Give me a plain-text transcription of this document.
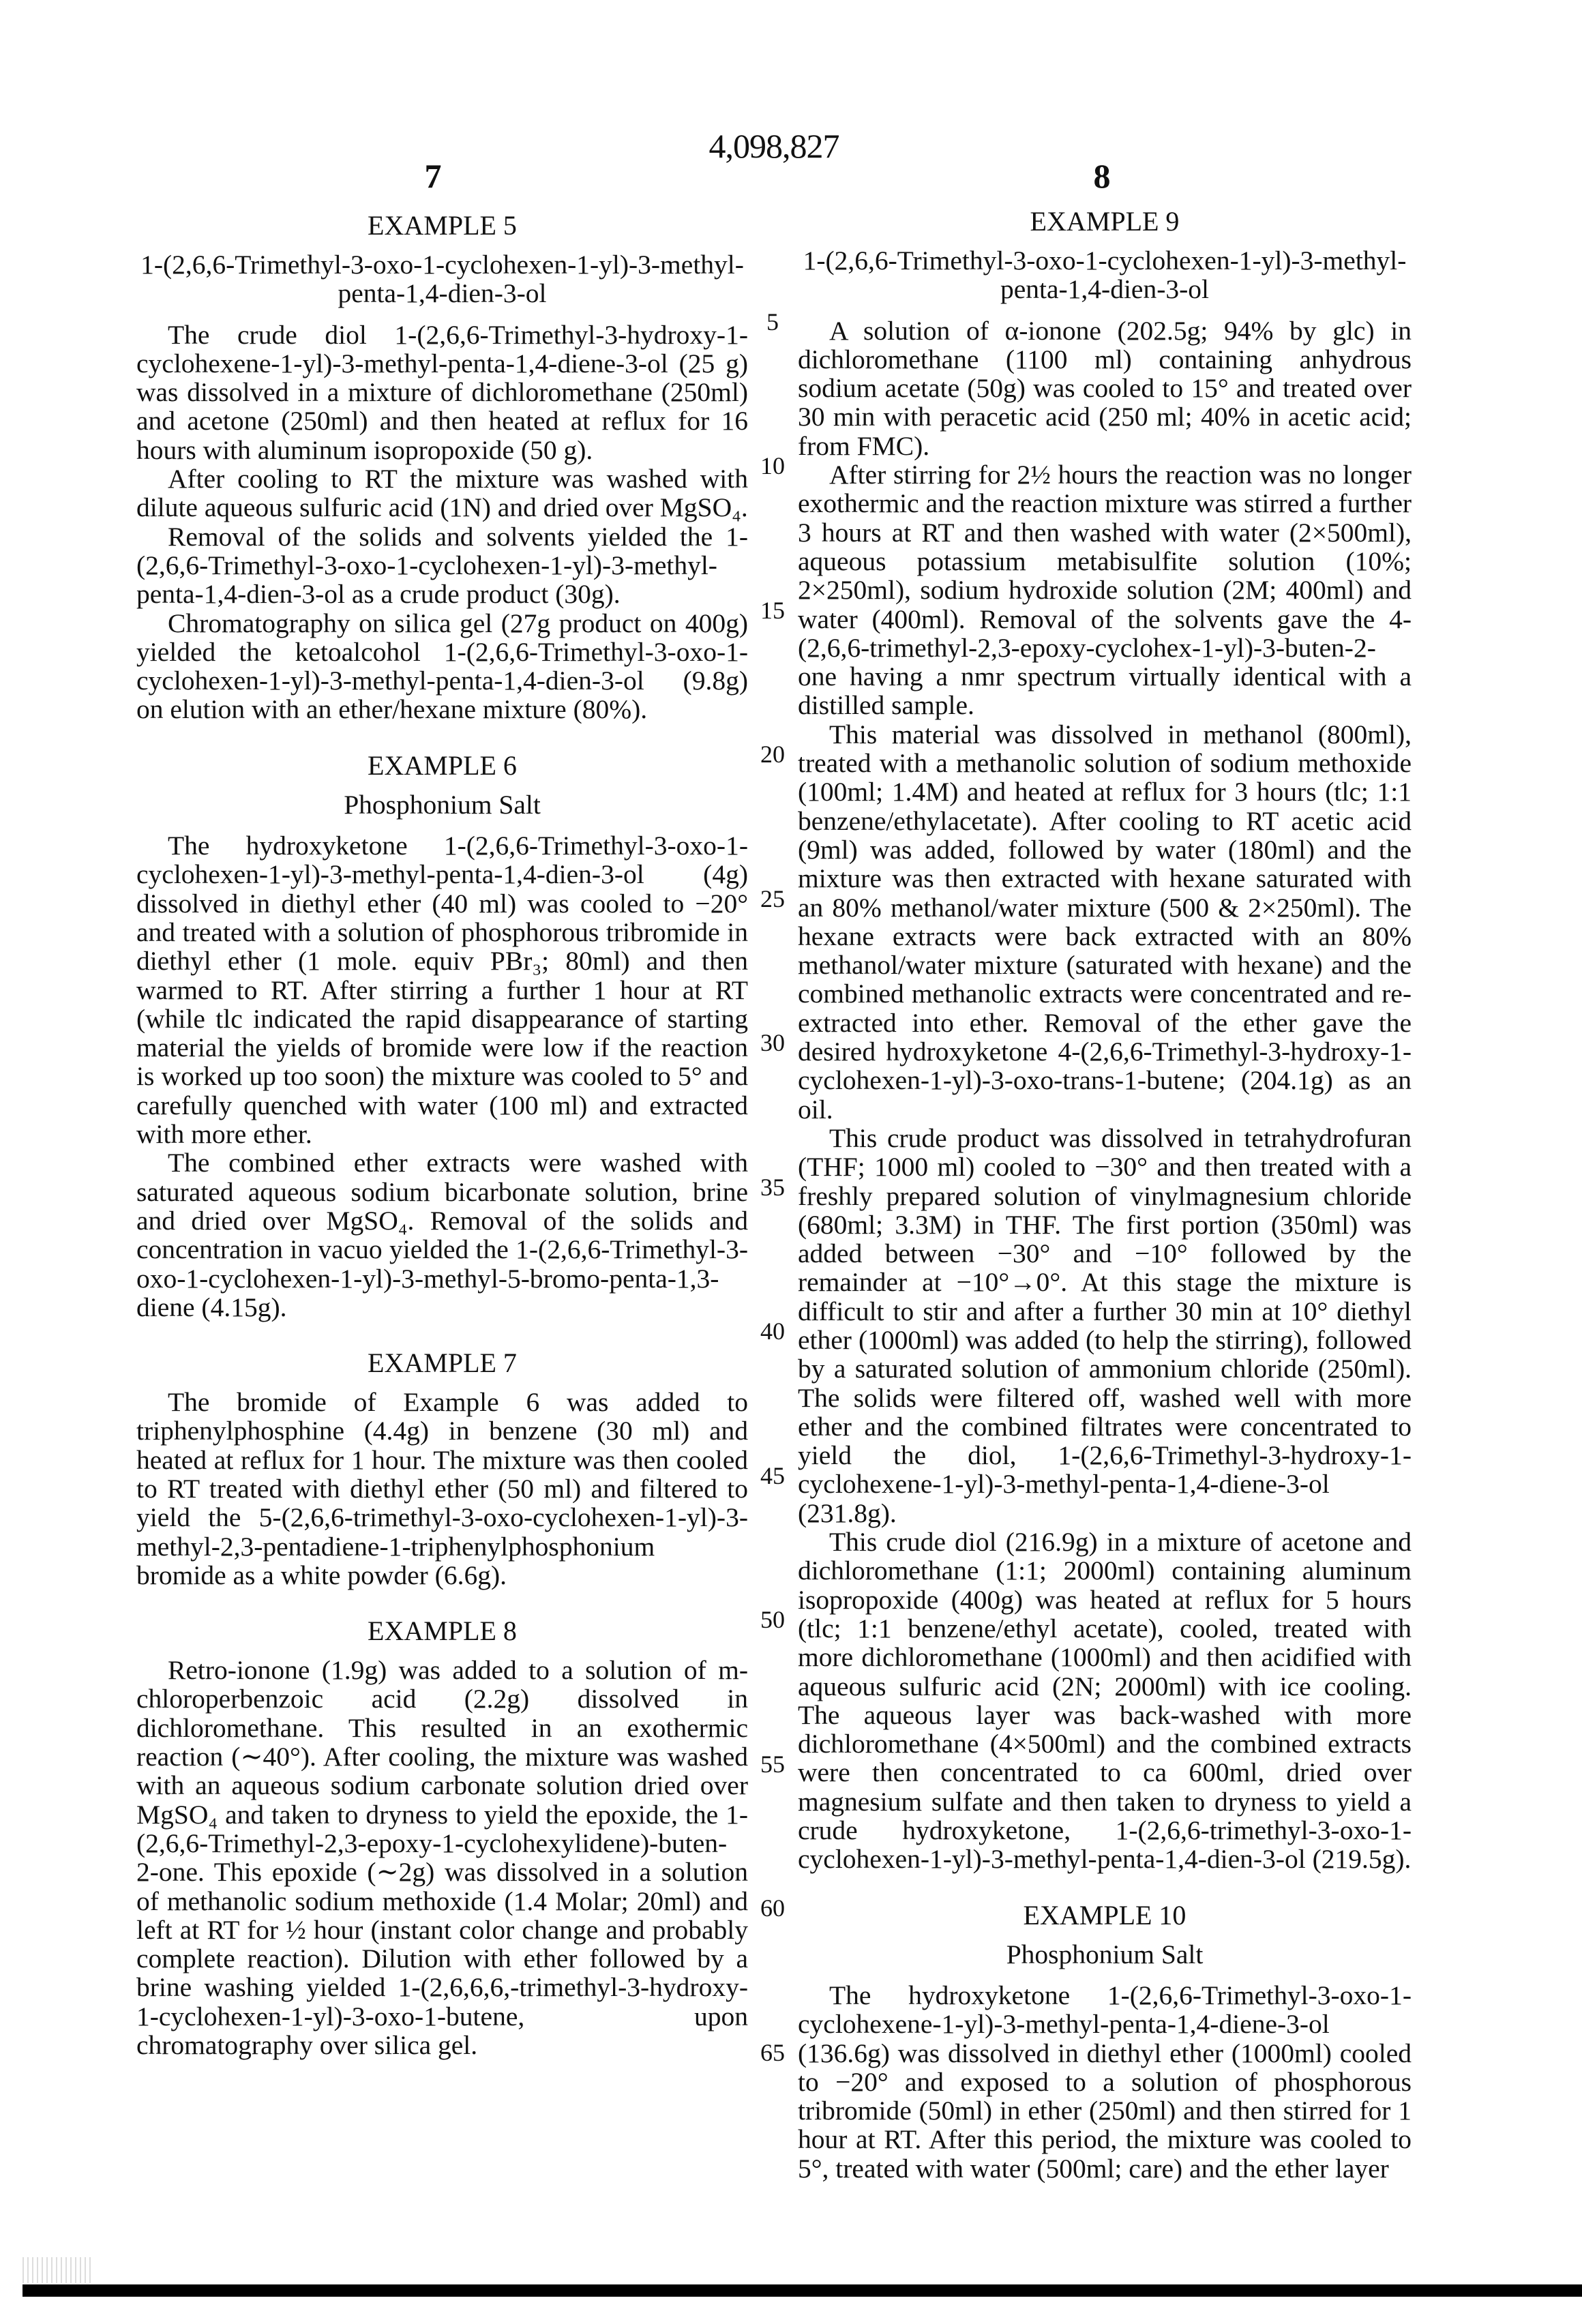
4,098,827
7	8
EXAMPLE 5
1-(2,6,6-Trimethyl-3-oxo-1-cyclohexen-1-yl)-3-methyl-
penta-1,4-dien-3-ol

The crude diol 1-(2,6,6-Trimethyl-3-hydroxy-1-cyclohexene-1-yl)-3-methyl-penta-1,4-diene-3-ol (25 g) was dissolved in a mixture of dichloromethane (250ml) and acetone (250ml) and then heated at reflux for 16 hours with aluminum isopropoxide (50 g).

After cooling to RT the mixture was washed with dilute aqueous sulfuric acid (1N) and dried over MgSO₄.

Removal of the solids and solvents yielded the 1-(2,6,6-Trimethyl-3-oxo-1-cyclohexen-1-yl)-3-methyl-penta-1,4-dien-3-ol as a crude product (30g).

Chromatography on silica gel (27g product on 400g) yielded the ketoalcohol 1-(2,6,6-Trimethyl-3-oxo-1-cyclohexen-1-yl)-3-methyl-penta-1,4-dien-3-ol (9.8g) on elution with an ether/hexane mixture (80%).

EXAMPLE 6
Phosphonium Salt

The hydroxyketone 1-(2,6,6-Trimethyl-3-oxo-1-cyclohexen-1-yl)-3-methyl-penta-1,4-dien-3-ol (4g) dissolved in diethyl ether (40 ml) was cooled to −20° and treated with a solution of phosphorous tribromide in diethyl ether (1 mole. equiv PBr₃; 80ml) and then warmed to RT. After stirring a further 1 hour at RT (while tlc indicated the rapid disappearance of starting material the yields of bromide were low if the reaction is worked up too soon) the mixture was cooled to 5° and carefully quenched with water (100 ml) and extracted with more ether.

The combined ether extracts were washed with saturated aqueous sodium bicarbonate solution, brine and dried over MgSO₄. Removal of the solids and concentration in vacuo yielded the 1-(2,6,6-Trimethyl-3-oxo-1-cyclohexen-1-yl)-3-methyl-5-bromo-penta-1,3-diene (4.15g).

EXAMPLE 7

The bromide of Example 6 was added to triphenylphosphine (4.4g) in benzene (30 ml) and heated at reflux for 1 hour. The mixture was then cooled to RT treated with diethyl ether (50 ml) and filtered to yield the 5-(2,6,6-trimethyl-3-oxo-cyclohexen-1-yl)-3-methyl-2,3-pentadiene-1-triphenylphosphonium bromide as a white powder (6.6g).

EXAMPLE 8

Retro-ionone (1.9g) was added to a solution of m-chloroperbenzoic acid (2.2g) dissolved in dichloromethane. This resulted in an exothermic reaction (∼40°). After cooling, the mixture was washed with an aqueous sodium carbonate solution dried over MgSO₄ and taken to dryness to yield the epoxide, the 1-(2,6,6-Trimethyl-2,3-epoxy-1-cyclohexylidene)-buten-2-one. This epoxide (∼2g) was dissolved in a solution of methanolic sodium methoxide (1.4 Molar; 20ml) and left at RT for ½ hour (instant color change and probably complete reaction). Dilution with ether followed by a brine washing yielded 1-(2,6,6,6,-trimethyl-3-hydroxy-1-cyclohexen-1-yl)-3-oxo-1-butene, upon chromatography over silica gel.

5
10
15
20
25
30
35
40
45
50
55
60
65
EXAMPLE 9
1-(2,6,6-Trimethyl-3-oxo-1-cyclohexen-1-yl)-3-methyl-
penta-1,4-dien-3-ol

A solution of α-ionone (202.5g; 94% by glc) in dichloromethane (1100 ml) containing anhydrous sodium acetate (50g) was cooled to 15° and treated over 30 min with peracetic acid (250 ml; 40% in acetic acid; from FMC).

After stirring for 2½ hours the reaction was no longer exothermic and the reaction mixture was stirred a further 3 hours at RT and then washed with water (2×500ml), aqueous potassium metabisulfite solution (10%; 2×250ml), sodium hydroxide solution (2M; 400ml) and water (400ml). Removal of the solvents gave the 4-(2,6,6-trimethyl-2,3-epoxy-cyclohex-1-yl)-3-buten-2-one having a nmr spectrum virtually identical with a distilled sample.

This material was dissolved in methanol (800ml), treated with a methanolic solution of sodium methoxide (100ml; 1.4M) and heated at reflux for 3 hours (tlc; 1:1 benzene/ethylacetate). After cooling to RT acetic acid (9ml) was added, followed by water (180ml) and the mixture was then extracted with hexane saturated with an 80% methanol/water mixture (500 & 2×250ml). The hexane extracts were back extracted with an 80% methanol/water mixture (saturated with hexane) and the combined methanolic extracts were concentrated and re-extracted into ether. Removal of the ether gave the desired hydroxyketone 4-(2,6,6-Trimethyl-3-hydroxy-1-cyclohexen-1-yl)-3-oxo-trans-1-butene; (204.1g) as an oil.

This crude product was dissolved in tetrahydrofuran (THF; 1000 ml) cooled to −30° and then treated with a freshly prepared solution of vinylmagnesium chloride (680ml; 3.3M) in THF. The first portion (350ml) was added between −30° and −10° followed by the remainder at −10°→0°. At this stage the mixture is difficult to stir and after a further 30 min at 10° diethyl ether (1000ml) was added (to help the stirring), followed by a saturated solution of ammonium chloride (250ml). The solids were filtered off, washed well with more ether and the combined filtrates were concentrated to yield the diol, 1-(2,6,6-Trimethyl-3-hydroxy-1-cyclohexene-1-yl)-3-methyl-penta-1,4-diene-3-ol (231.8g).

This crude diol (216.9g) in a mixture of acetone and dichloromethane (1:1; 2000ml) containing aluminum isopropoxide (400g) was heated at reflux for 5 hours (tlc; 1:1 benzene/ethyl acetate), cooled, treated with more dichloromethane (1000ml) and then acidified with aqueous sulfuric acid (2N; 2000ml) with ice cooling. The aqueous layer was back-washed with more dichloromethane (4×500ml) and the combined extracts were then concentrated to ca 600ml, dried over magnesium sulfate and then taken to dryness to yield a crude hydroxyketone, 1-(2,6,6-trimethyl-3-oxo-1-cyclohexen-1-yl)-3-methyl-penta-1,4-dien-3-ol (219.5g).

EXAMPLE 10
Phosphonium Salt

The hydroxyketone 1-(2,6,6-Trimethyl-3-oxo-1-cyclohexene-1-yl)-3-methyl-penta-1,4-diene-3-ol (136.6g) was dissolved in diethyl ether (1000ml) cooled to −20° and exposed to a solution of phosphorous tribromide (50ml) in ether (250ml) and then stirred for 1 hour at RT. After this period, the mixture was cooled to 5°, treated with water (500ml; care) and the ether layer
